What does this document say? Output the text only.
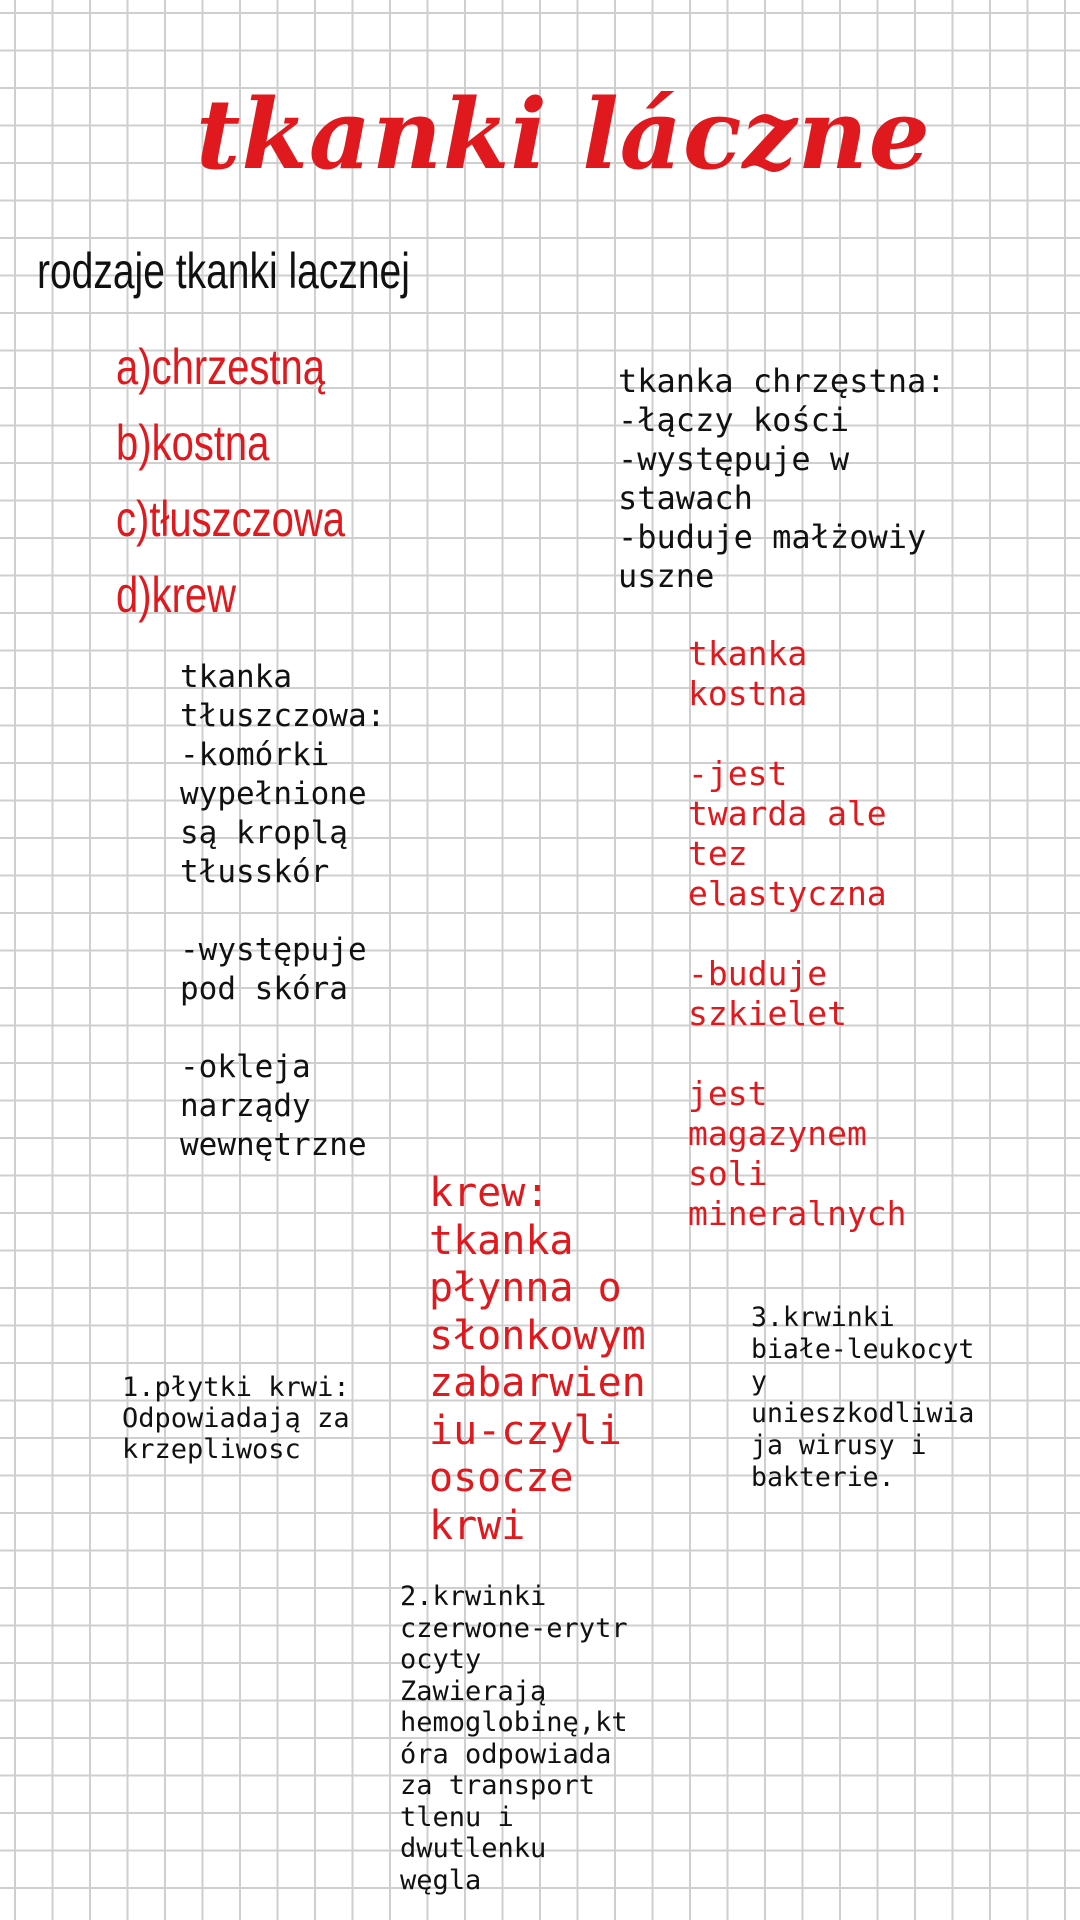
tkanki láczne
rodzaje tkanki lacznej
a)chrzestną
b)kostna
c)tłuszczowa
d)krew
tkanka chrzęstna:
-łączy kości
-występuje w
stawach
-buduje małżowiy
uszne
tkanka
tłuszczowa:
-komórki
wypełnione
są kroplą
tłusskór

-występuje
pod skóra

-okleja
narządy
wewnętrzne
tkanka
kostna

-jest
twarda ale
tez
elastyczna

-buduje
szkielet

jest
magazynem
soli
mineralnych
krew:
tkanka
płynna o
słonkowym
zabarwien
iu-czyli
osocze
krwi
1.płytki krwi:
Odpowiadają za
krzepliwosc
3.krwinki
białe-leukocyt
y
unieszkodliwia
ja wirusy i
bakterie.
2.krwinki
czerwone-erytr
ocyty
Zawierają
hemoglobinę,kt
óra odpowiada
za transport
tlenu i
dwutlenku
węgla
